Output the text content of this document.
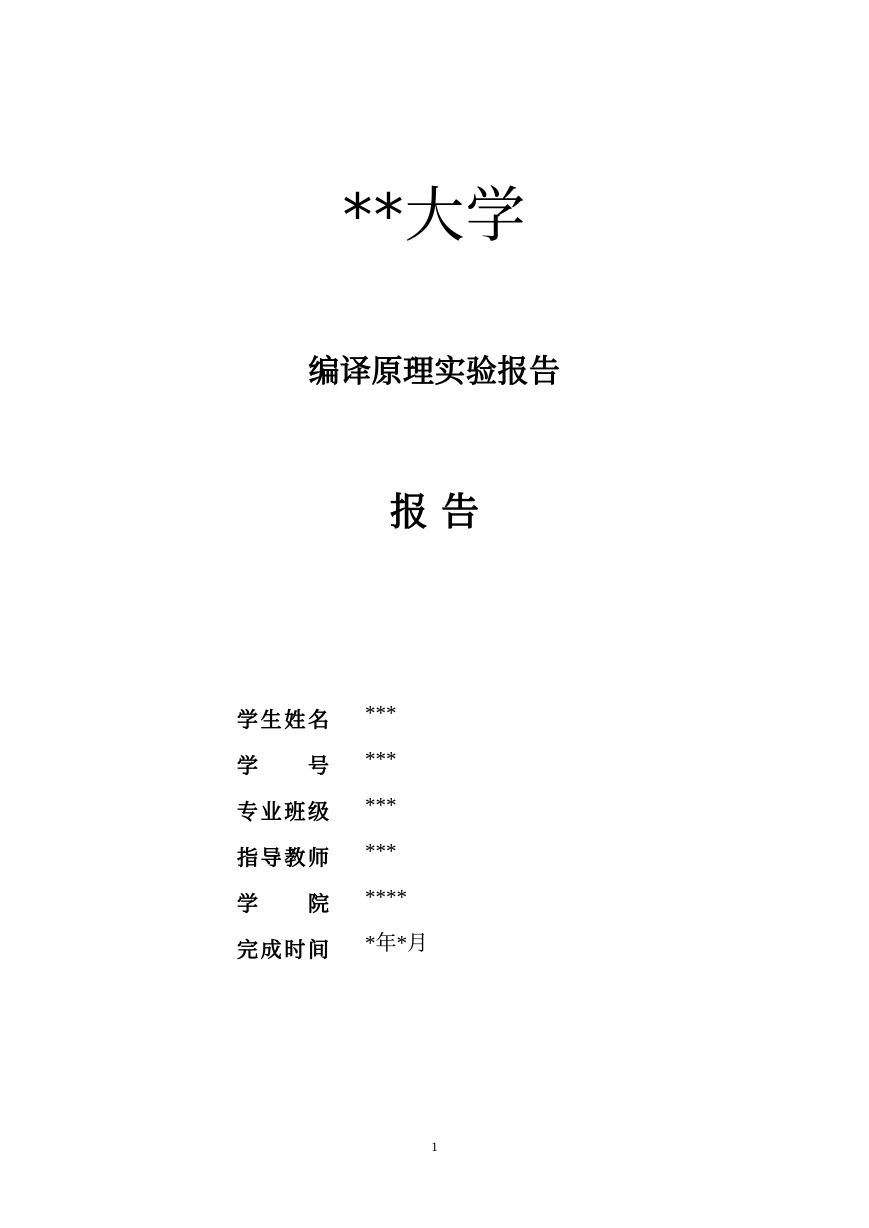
**大学
编译原理实验报告
报 告
学 生 姓 名 ***
学 号 ***
专 业 班 级 ***
指 导 教 师 ***
学 院 ****
完 成 时 间 *年*月
1
